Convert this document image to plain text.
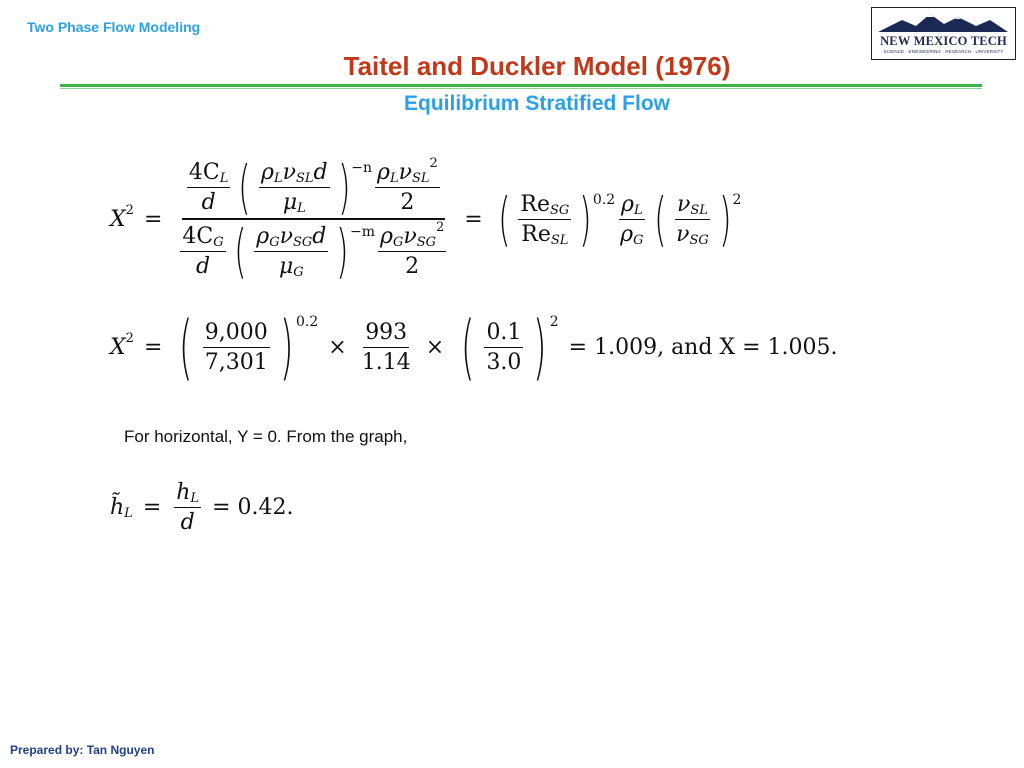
Two Phase Flow Modeling
NEW MEXICO TECH
SCIENCE · ENGINEERING · RESEARCH · UNIVERSITY
Taitel and Duckler Model (1976)
Equilibrium Stratified Flow
X $2 = \frac{\text{4C L}}{d}$ ( $\frac{\text{ρ L ν SL d}}{\text{μ L}}$ ) −n ρ L ν SL
2
2
$\frac{\text{4C G}}{d}$ ( $\frac{\text{ρ G ν SG d}}{\text{μ G}}$ ) −m ρ G ν SG
2
2 = ( $\frac{\text{Re SG}}{\text{Re SL}}$ ) $0.2 \frac{\text{ρ L}}{\text{ρ G}}$ ( $\frac{\text{ν SL}}{\text{ν SG}}$ ) 2
X 2 = ( $\frac{9,000}{7,301}$ ) 0.2
× $\frac{993}{1.14}$ × ( $\frac{0.1}{3.0}$ ) 2
= 1.009, and X = 1.005.
For horizontal, Y = 0. From the graph,
h̃ $L = \frac{\text{h L}}{d} = 0.42$.
Prepared by: Tan Nguyen
